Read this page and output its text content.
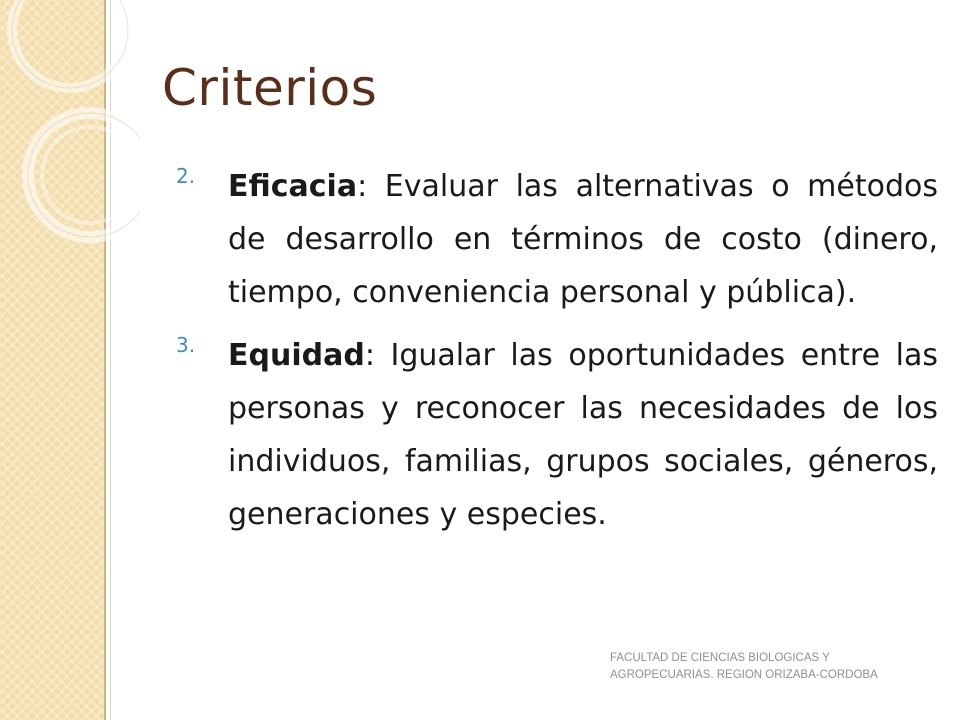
Criterios
2. Eficacia: Evaluar las alternativas o métodos de desarrollo en términos de costo (dinero, tiempo, conveniencia personal y pública).
3. Equidad: Igualar las oportunidades entre las personas y reconocer las necesidades de los individuos, familias, grupos sociales, géneros, generaciones y especies.
FACULTAD DE CIENCIAS BIOLOGICAS Y AGROPECUARIAS. REGION ORIZABA-CORDOBA
